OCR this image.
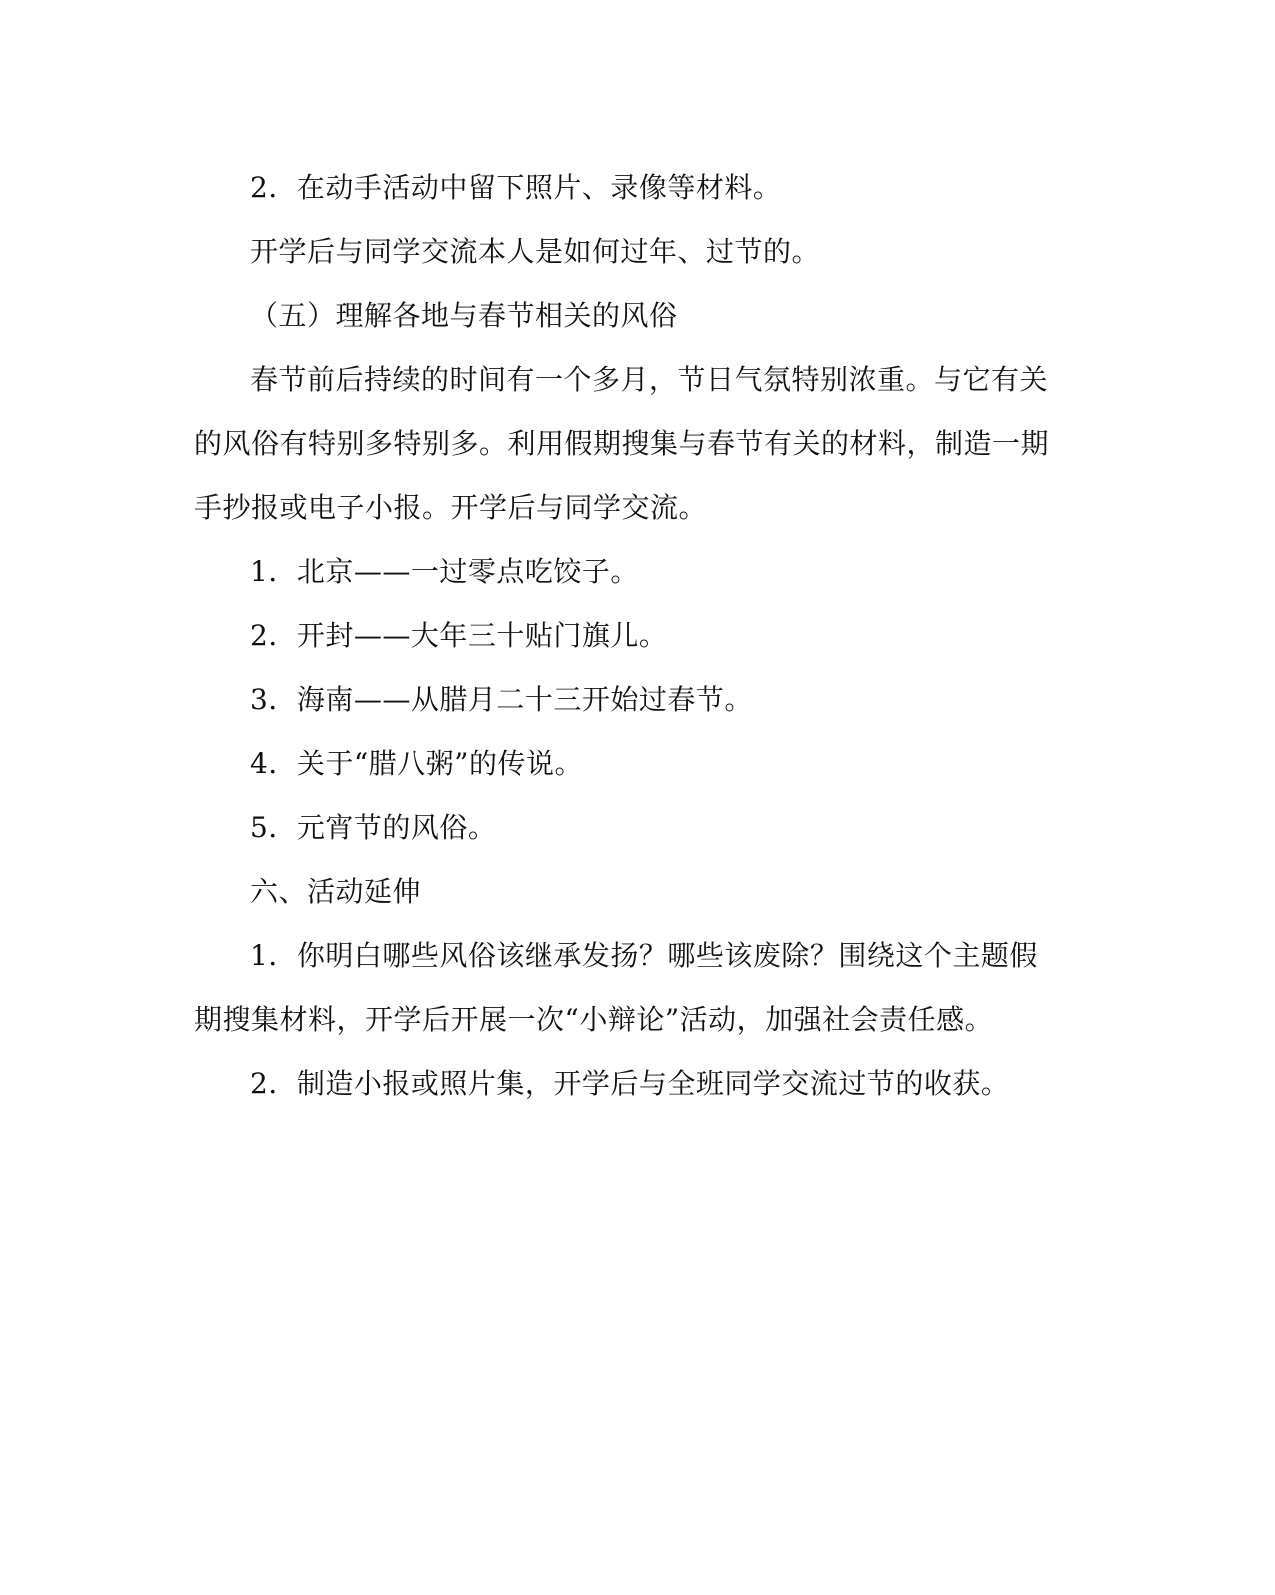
2．在动手活动中留下照片、录像等材料。

开学后与同学交流本人是如何过年、过节的。

（五）理解各地与春节相关的风俗

春节前后持续的时间有一个多月，节日气氛特别浓重。与它有关

的风俗有特别多特别多。利用假期搜集与春节有关的材料，制造一期

手抄报或电子小报。开学后与同学交流。

1．北京——一过零点吃饺子。

2．开封——大年三十贴门旗儿。

3．海南——从腊月二十三开始过春节。

4．关于“腊八粥”的传说。

5．元宵节的风俗。

六、活动延伸

1．你明白哪些风俗该继承发扬？哪些该废除？围绕这个主题假

期搜集材料，开学后开展一次“小辩论”活动，加强社会责任感。

2．制造小报或照片集，开学后与全班同学交流过节的收获。
